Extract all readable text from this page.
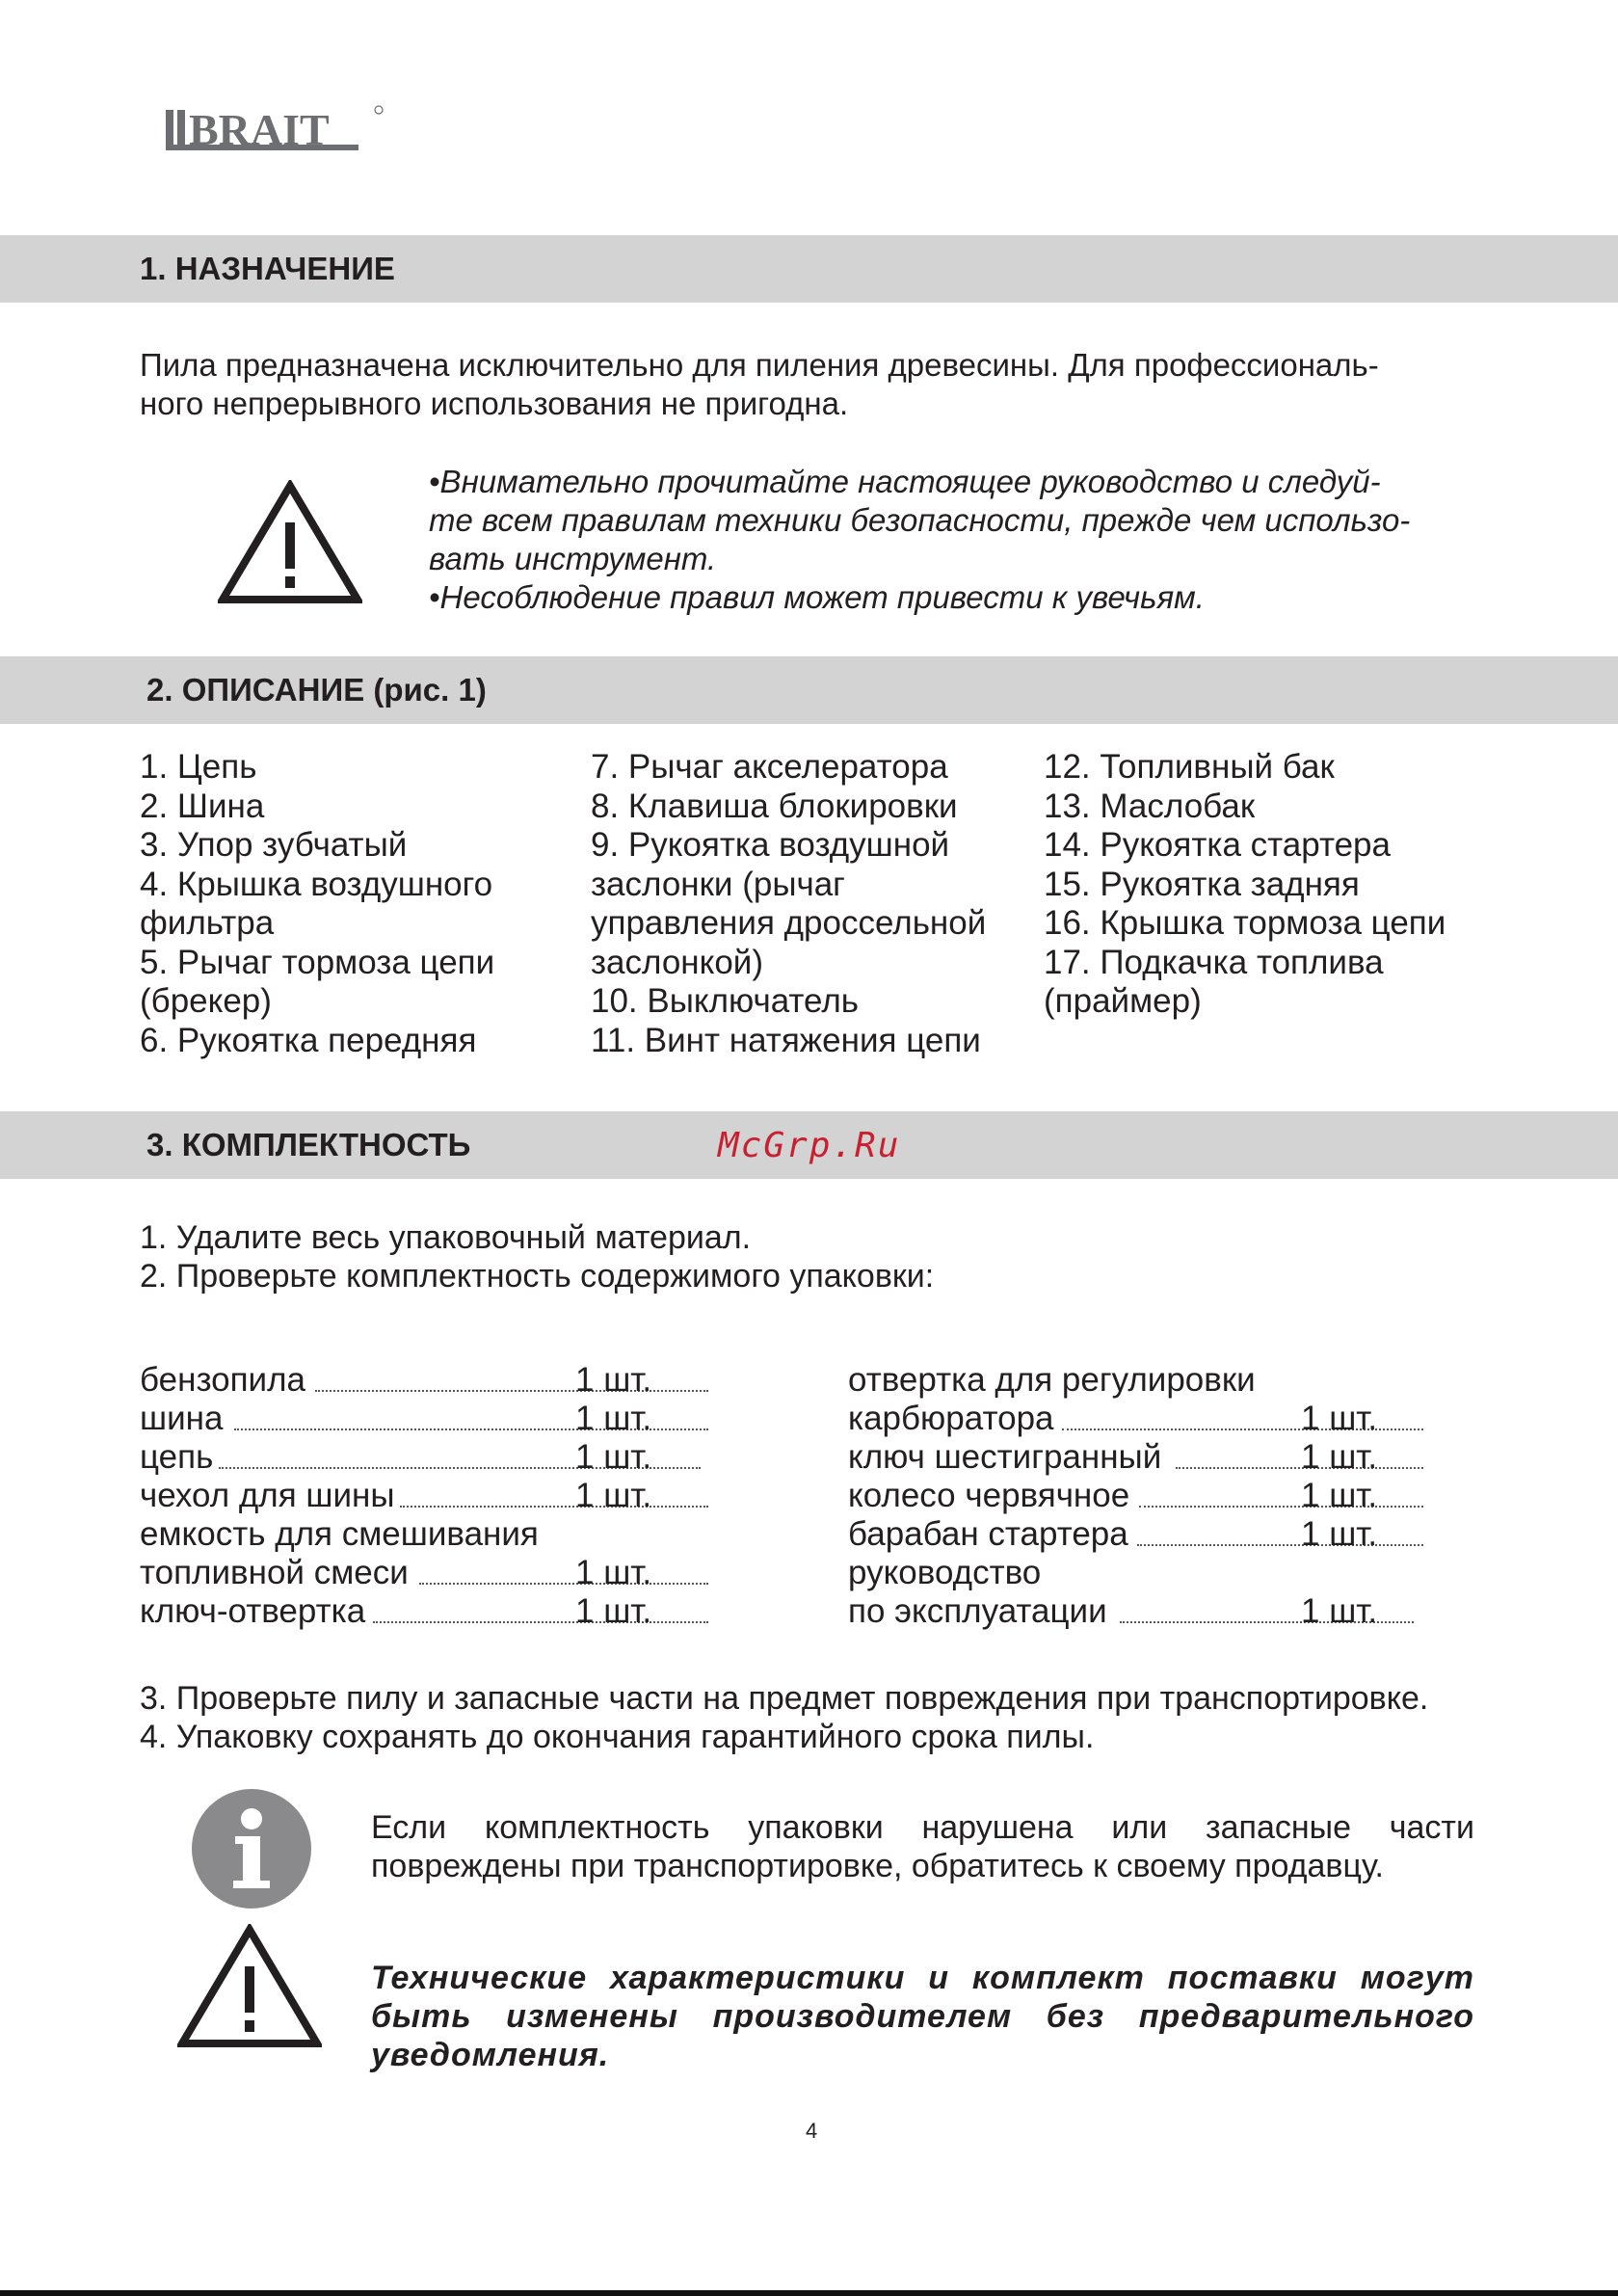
BRAIT
1. НАЗНАЧЕНИЕ
Пила предназначена исключительно для пиления древесины. Для профессиональ-
ного непрерывного использования не пригодна.
•Внимательно прочитайте настоящее руководство и следуй-
те всем правилам техники безопасности, прежде чем использо-
вать инструмент.
•Несоблюдение правил может привести к увечьям.
2. ОПИСАНИЕ (рис. 1)
1. Цепь
2. Шина
3. Упор зубчатый
4. Крышка воздушного
фильтра
5. Рычаг тормоза цепи
(брекер)
6. Рукоятка передняя
7. Рычаг акселератора
8. Клавиша блокировки
9. Рукоятка воздушной
заслонки (рычаг
управления дроссельной
заслонкой)
10. Выключатель
11. Винт натяжения цепи
12. Топливный бак
13. Маслобак
14. Рукоятка стартера
15. Рукоятка задняя
16. Крышка тормоза цепи
17. Подкачка топлива
(праймер)
3. КОМПЛЕКТНОСТЬ	McGrp.Ru
1. Удалите весь упаковочный материал.
2. Проверьте комплектность содержимого упаковки:
бензопила	1 шт.
шина	1 шт.
цепь	1 шт.
чехол для шины	1 шт.
емкость для смешивания
топливной смеси	1 шт.
ключ-отвертка	1 шт.
отвертка для регулировки
карбюратора	1 шт.
ключ шестигранный	1 шт.
колесо червячное	1 шт.
барабан стартера	1 шт.
руководство
по эксплуатации	1 шт.
3. Проверьте пилу и запасные части на предмет повреждения при транспортировке.
4. Упаковку сохранять до окончания гарантийного срока пилы.
Если комплектность упаковки нарушена или запасные части повреждены при транспортировке, обратитесь к своему продавцу.
Технические характеристики и комплект поставки могут быть изменены производителем без предварительного уведомления.
4
